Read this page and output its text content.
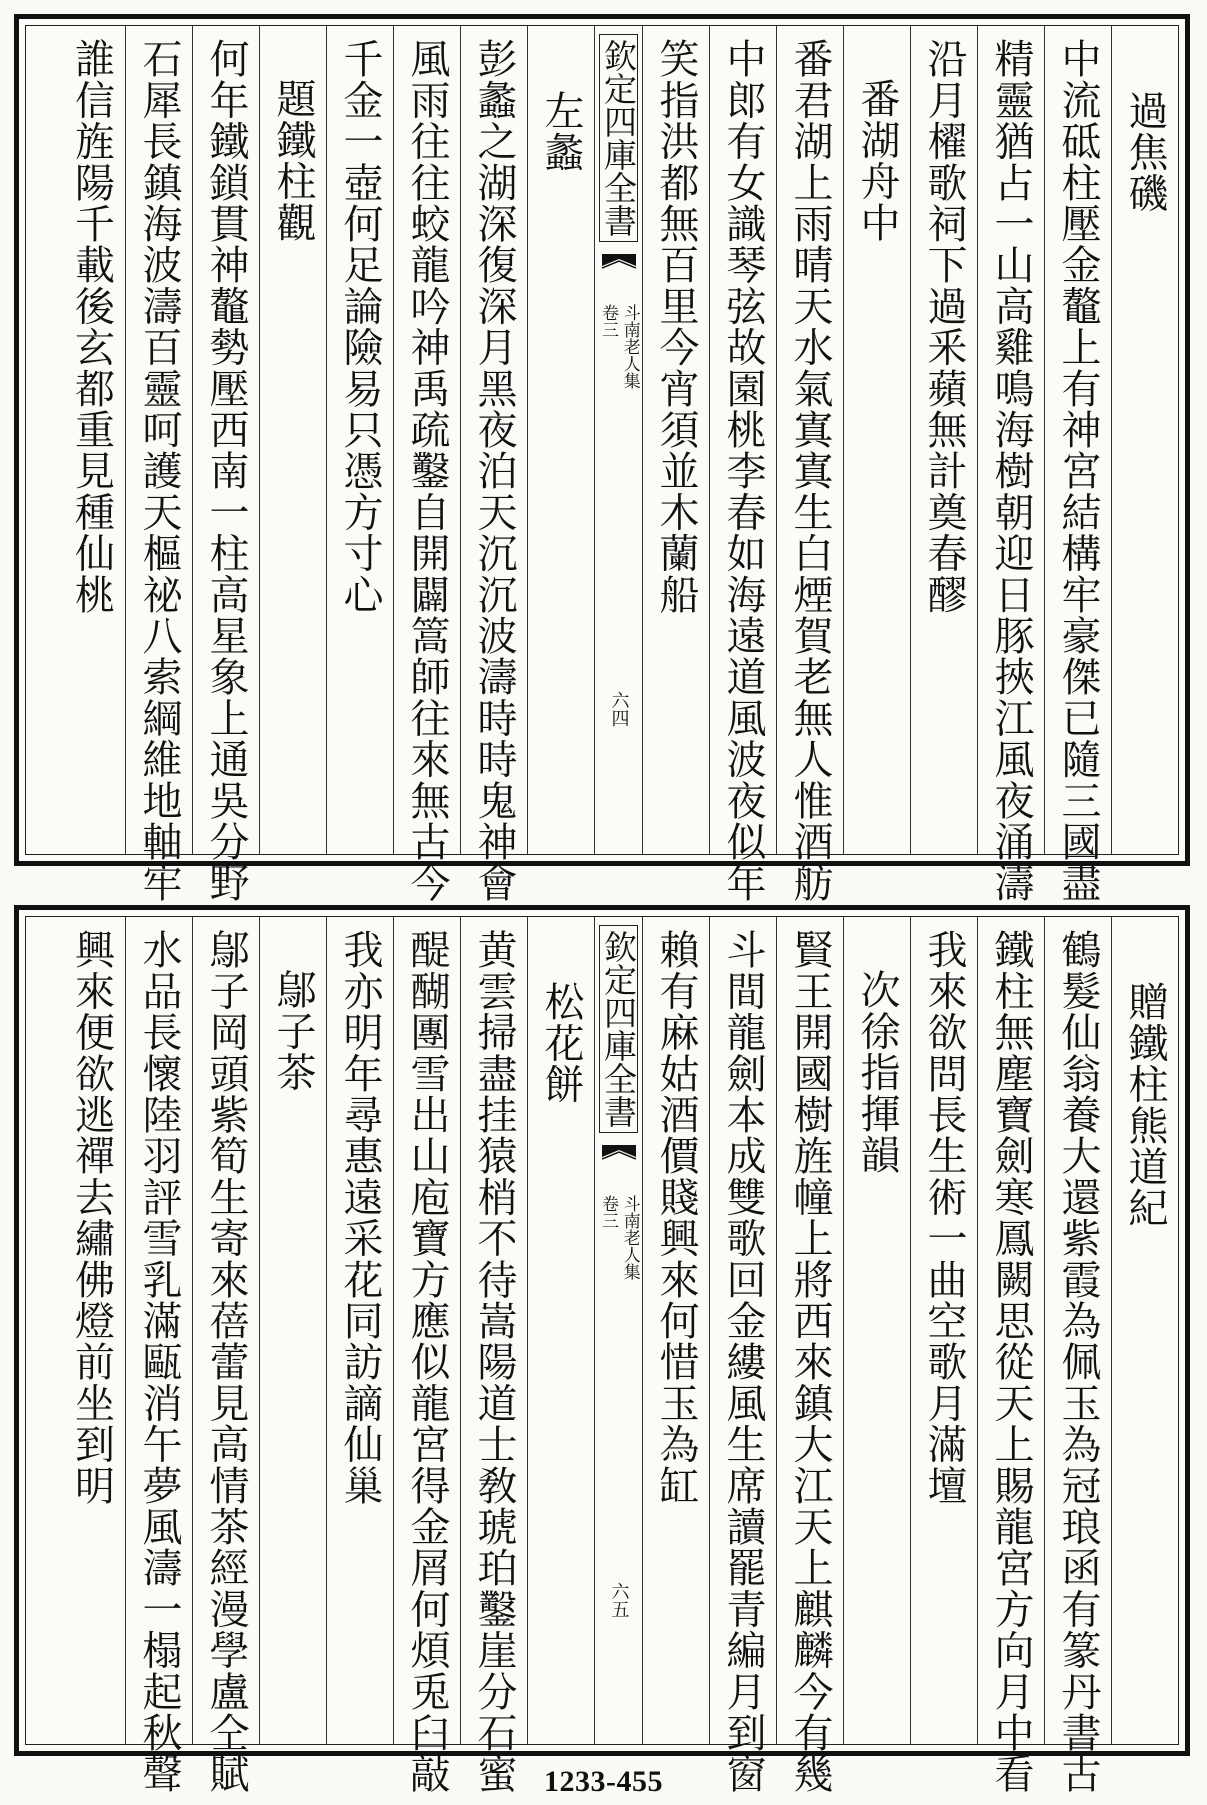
過焦磯
中流砥柱壓金鼇上有神宮結構牢豪傑已隨三國盡
精靈猶占一山高雞鳴海樹朝迎日豚挾江風夜涌濤
沿月櫂歌祠下過釆蘋無計奠春醪
番湖舟中
番君湖上雨晴天水氣寘寘生白煙賀老無人惟酒舫
中郎有女識琴弦故園桃李春如海遠道風波夜似年
笑指洪都無百里今宵須並木蘭船
欽定四庫全書
斗南老人集
卷三
六四
左蠡
彭蠡之湖深復深月黑夜泊天沉沉波濤時時鬼神會
風雨往往蛟龍吟神禹疏鑿自開闢篙師往來無古今
千金一壺何足論險易只憑方寸心
題鐵柱觀
何年鐵鎖貫神鼇勢壓西南一柱高星象上通吳分野
石犀長鎮海波濤百靈呵護天樞祕八索綱維地軸牢
誰信旌陽千載後玄都重見種仙桃
贈鐵柱熊道紀
鶴髮仙翁養大還紫霞為佩玉為冠琅函有篆丹書古
鐵柱無塵寶劍寒鳳闕思從天上賜龍宮方向月中看
我來欲問長生術一曲空歌月滿壇
次徐指揮韻
賢王開國樹旌幢上將西來鎮大江天上麒麟今有幾
斗間龍劍本成雙歌回金縷風生席讀罷青編月到窗
賴有麻姑酒價賤興來何惜玉為缸
欽定四庫全書
斗南老人集
卷三
六五
松花餅
黄雲掃盡挂猿梢不待嵩陽道士敎琥珀鑿崖分石蜜
醍醐團雪出山庖寶方應似龍宮得金屑何煩兎臼敲
我亦明年尋惠遠采花同訪謫仙巢
鄔子茶
鄔子岡頭紫筍生寄來蓓蕾見高情茶經漫學盧仝賦
水品長懷陸羽評雪乳滿甌消午夢風濤一榻起秋聲
興來便欲逃禪去繡佛燈前坐到明
1233-455
